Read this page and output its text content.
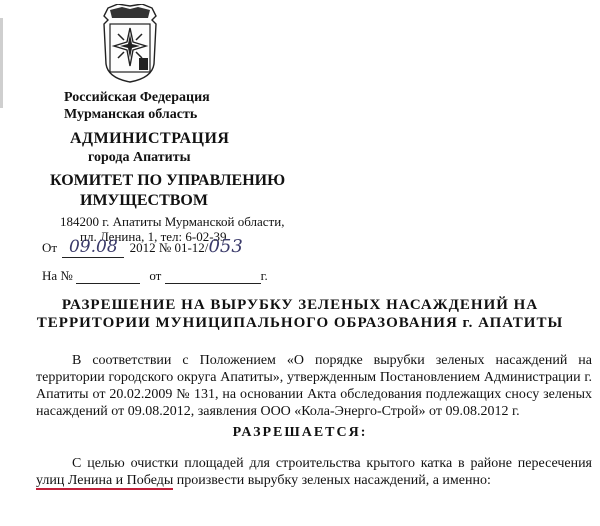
Российская Федерация
Мурманская область
АДМИНИСТРАЦИЯ
города Апатиты
КОМИТЕТ ПО УПРАВЛЕНИЮ
ИМУЩЕСТВОМ
184200 г. Апатиты Мурманской области,
пл. Ленина, 1, тел: 6-02-39
От 09.08 2012 № 01-12/053
На №	от	г.
РАЗРЕШЕНИЕ НА ВЫРУБКУ ЗЕЛЕНЫХ НАСАЖДЕНИЙ НА
ТЕРРИТОРИИ МУНИЦИПАЛЬНОГО ОБРАЗОВАНИЯ г. АПАТИТЫ

В соответствии с Положением «О порядке вырубки зеленых насаждений на территории городского округа Апатиты», утвержденным Постановлением Администрации г. Апатиты от 20.02.2009 № 131, на основании Акта обследования подлежащих сносу зеленых насаждений от 09.08.2012, заявления ООО «Кола-Энерго-Строй» от 09.08.2012 г.

РАЗРЕШАЕТСЯ:

С целью очистки площадей для строительства крытого катка в районе пересечения улиц Ленина и Победы произвести вырубку зеленых насаждений, а именно:
